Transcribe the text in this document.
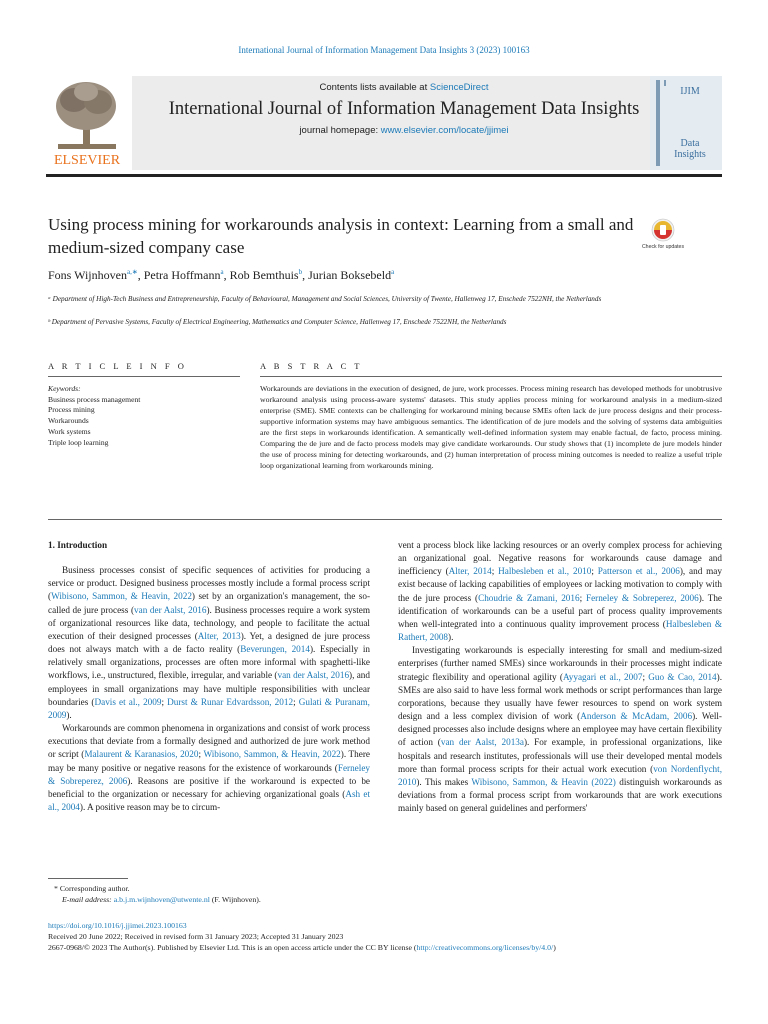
International Journal of Information Management Data Insights 3 (2023) 100163
ELSEVIER
Contents lists available at ScienceDirect
International Journal of Information Management Data Insights
journal homepage: www.elsevier.com/locate/jjimei
IJIM
Data
Insights
Using process mining for workarounds analysis in context: Learning from a small and medium-sized company case	Check for updates
Fons Wijnhoven$^{a,∗}$, Petra Hoffmann$^a$, Rob Bemthuis$^b$, Jurian Boksebeld$^a$
ᵃ Department of High-Tech Business and Entrepreneurship, Faculty of Behavioural, Management and Social Sciences, University of Twente, Hallenweg 17, Enschede 7522NH, the Netherlands
ᵇ Department of Pervasive Systems, Faculty of Electrical Engineering, Mathematics and Computer Science, Hallenweg 17, Enschede 7522NH, the Netherlands
A R T I C L E I N F O	A B S T R A C T
Keywords:
Business process management
Process mining
Workarounds
Work systems
Triple loop learning
Workarounds are deviations in the execution of designed, de jure, work processes. Process mining research has developed methods for unobtrusive workaround analysis using process-aware systems' datasets. This study applies process mining for workaround analysis in a medium-sized enterprise (SME). SME contexts can be challenging for workaround mining because SMEs often lack de jure process designs and their process-supportive information systems may have ambiguous semantics. The identification of de jure models and the solving of systems data ambiguities are the first steps in workarounds identification. A semantically well-defined information system may enable factual, de facto, process mining. Comparing the de jure and de facto process models may give candidate workarounds. Our study shows that (1) incomplete de jure models hinder the use of process mining for detecting workarounds, and (2) human interpretation of process mining outcomes is needed to realize a useful triple loop organizational learning from workarounds mining.
1. Introduction

Business processes consist of specific sequences of activities for producing a service or product. Designed business processes mostly include a formal process script (Wibisono, Sammon, & Heavin, 2022) set by an organization's management, the so-called de jure process (van der Aalst, 2016). Business processes require a work system of organizational resources like data, technology, and people to facilitate the actual execution of their designed processes (Alter, 2013). Yet, a designed de jure process does not always match with a de facto reality (Beverungen, 2014). Especially in relatively small organizations, processes are often more informal with spaghetti-like workflows, i.e., unstructured, flexible, irregular, and variable (van der Aalst, 2016), and employees in small organizations may have multiple responsibilities with unclear boundaries (Davis et al., 2009; Durst & Runar Edvardsson, 2012; Gulati & Puranam, 2009).

Workarounds are common phenomena in organizations and consist of work process executions that deviate from a formally designed and authorized de jure work method or script (Malaurent & Karanasios, 2020; Wibisono, Sammon, & Heavin, 2022). There may be many positive or negative reasons for the existence of workarounds (Ferneley & Sobreperez, 2006). Reasons are positive if the workaround is expected to be beneficial to the organization or necessary for achieving organizational goals (Ash et al., 2004). A positive reason may be to circum-

vent a process block like lacking resources or an overly complex process for achieving an organizational goal. Negative reasons for workarounds cause damage and inefficiency (Alter, 2014; Halbesleben et al., 2010; Patterson et al., 2006), and may exist because of lacking capabilities of employees or lacking motivation to comply with the de jure process (Choudrie & Zamani, 2016; Ferneley & Sobreperez, 2006). The identification of workarounds can be a useful part of process quality improvements when well-integrated into a continuous quality improvement process (Halbesleben & Rathert, 2008).

Investigating workarounds is especially interesting for small and medium-sized enterprises (further named SMEs) since workarounds in their processes might indicate strategic flexibility and operational agility (Ayyagari et al., 2007; Guo & Cao, 2014). SMEs are also said to have less formal work methods or script performances than large corporations, because they usually have fewer resources to spend on work system design and a less complex division of work (Anderson & McAdam, 2006). Well-designed processes also include designs where an employee may have certain flexibility of action (van der Aalst, 2013a). For example, in professional organizations, like hospitals and research institutes, professionals will use their developed mental models more than formal process scripts for their actual work execution (von Nordenflycht, 2010). This makes Wibisono, Sammon, & Heavin (2022) distinguish workarounds as deviations from a formal process script from workarounds that are work executions mainly based on general guidelines and performers'

* Corresponding author.
E-mail address: a.b.j.m.wijnhoven@utwente.nl (F. Wijnhoven).
https://doi.org/10.1016/j.jjimei.2023.100163
Received 20 June 2022; Received in revised form 31 January 2023; Accepted 31 January 2023
2667-0968/© 2023 The Author(s). Published by Elsevier Ltd. This is an open access article under the CC BY license (http://creativecommons.org/licenses/by/4.0/)
